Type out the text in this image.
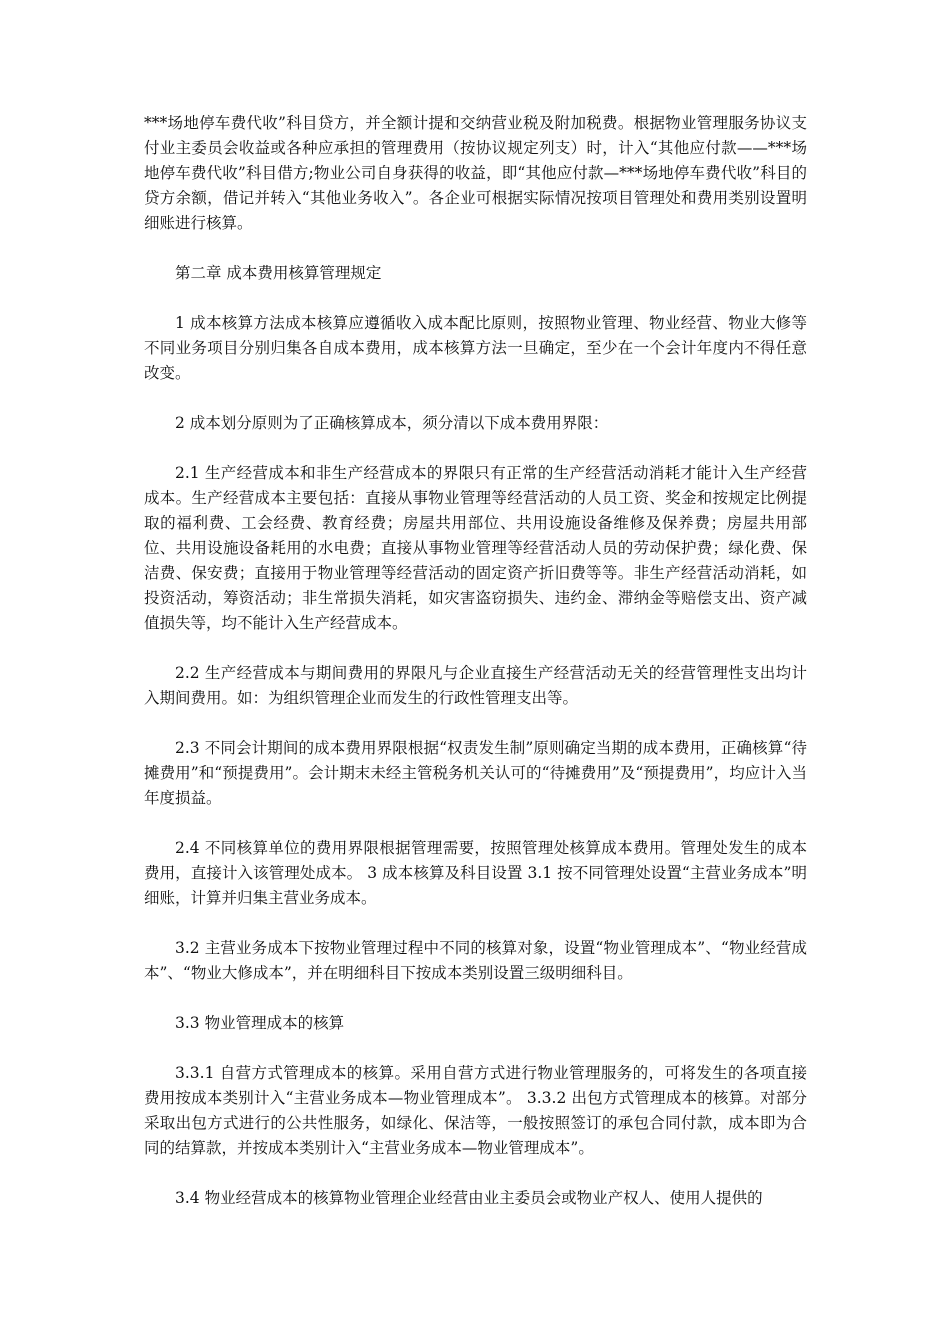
***场地停车费代收”科目贷方，并全额计提和交纳营业税及附加税费。根据物业管理服务协议支付业主委员会收益或各种应承担的管理费用（按协议规定列支）时，计入“其他应付款——***场地停车费代收”科目借方;物业公司自身获得的收益，即“其他应付款—***场地停车费代收”科目的贷方余额，借记并转入“其他业务收入”。各企业可根据实际情况按项目管理处和费用类别设置明细账进行核算。

第二章 成本费用核算管理规定

1 成本核算方法成本核算应遵循收入成本配比原则，按照物业管理、物业经营、物业大修等不同业务项目分别归集各自成本费用，成本核算方法一旦确定，至少在一个会计年度内不得任意改变。

2 成本划分原则为了正确核算成本，须分清以下成本费用界限：

2.1 生产经营成本和非生产经营成本的界限只有正常的生产经营活动消耗才能计入生产经营成本。生产经营成本主要包括：直接从事物业管理等经营活动的人员工资、奖金和按规定比例提取的福利费、工会经费、教育经费；房屋共用部位、共用设施设备维修及保养费；房屋共用部位、共用设施设备耗用的水电费；直接从事物业管理等经营活动人员的劳动保护费；绿化费、保洁费、保安费；直接用于物业管理等经营活动的固定资产折旧费等等。非生产经营活动消耗，如投资活动，筹资活动；非生常损失消耗，如灾害盗窃损失、违约金、滞纳金等赔偿支出、资产减值损失等，均不能计入生产经营成本。

2.2 生产经营成本与期间费用的界限凡与企业直接生产经营活动无关的经营管理性支出均计入期间费用。如：为组织管理企业而发生的行政性管理支出等。

2.3 不同会计期间的成本费用界限根据“权责发生制”原则确定当期的成本费用，正确核算“待摊费用”和“预提费用”。会计期末未经主管税务机关认可的“待摊费用”及“预提费用”，均应计入当年度损益。

2.4 不同核算单位的费用界限根据管理需要，按照管理处核算成本费用。管理处发生的成本费用，直接计入该管理处成本。 3 成本核算及科目设置 3.1 按不同管理处设置“主营业务成本”明细账，计算并归集主营业务成本。

3.2 主营业务成本下按物业管理过程中不同的核算对象，设置“物业管理成本”、“物业经营成本”、“物业大修成本”，并在明细科目下按成本类别设置三级明细科目。

3.3 物业管理成本的核算

3.3.1 自营方式管理成本的核算。采用自营方式进行物业管理服务的，可将发生的各项直接费用按成本类别计入“主营业务成本—物业管理成本”。 3.3.2 出包方式管理成本的核算。对部分采取出包方式进行的公共性服务，如绿化、保洁等，一般按照签订的承包合同付款，成本即为合同的结算款，并按成本类别计入“主营业务成本—物业管理成本”。

3.4 物业经营成本的核算物业管理企业经营由业主委员会或物业产权人、使用人提供的
